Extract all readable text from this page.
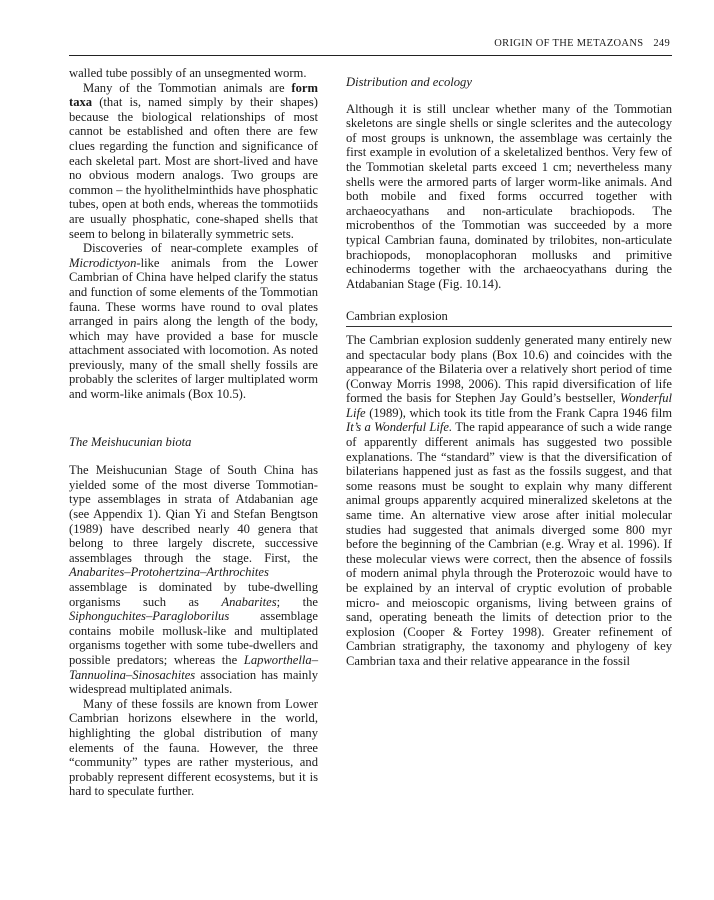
ORIGIN OF THE METAZOANS 249

walled tube possibly of an unsegmented worm.

Many of the Tommotian animals are form taxa (that is, named simply by their shapes) because the biological relationships of most cannot be established and often there are few clues regarding the function and significance of each skeletal part. Most are short-lived and have no obvious modern analogs. Two groups are common – the hyolithelminthids have phosphatic tubes, open at both ends, whereas the tommotiids are usually phosphatic, cone-shaped shells that seem to belong in bilaterally symmetric sets.

Discoveries of near-complete examples of Microdictyon-like animals from the Lower Cambrian of China have helped clarify the status and function of some elements of the Tommotian fauna. These worms have round to oval plates arranged in pairs along the length of the body, which may have provided a base for muscle attachment associated with locomotion. As noted previously, many of the small shelly fossils are probably the sclerites of larger multiplated worm and worm-like animals (Box 10.5).

The Meishucunian biota

The Meishucunian Stage of South China has yielded some of the most diverse Tommotian-type assemblages in strata of Atdabanian age (see Appendix 1). Qian Yi and Stefan Bengtson (1989) have described nearly 40 genera that belong to three largely discrete, successive assemblages through the stage. First, the Anabarites–Protohertzina–Arthrochites assemblage is dominated by tube-dwelling organisms such as Anabarites; the Siphonguchites–Paragloborilus assemblage contains mobile mollusk-like and multiplated organisms together with some tube-dwellers and possible predators; whereas the Lapworthella–Tannuolina–Sinosachites association has mainly widespread multiplated animals.

Many of these fossils are known from Lower Cambrian horizons elsewhere in the world, highlighting the global distribution of many elements of the fauna. However, the three “community” types are rather mysterious, and probably represent different ecosystems, but it is hard to speculate further.

Distribution and ecology

Although it is still unclear whether many of the Tommotian skeletons are single shells or single sclerites and the autecology of most groups is unknown, the assemblage was certainly the first example in evolution of a skeletalized benthos. Very few of the Tommotian skeletal parts exceed 1 cm; nevertheless many shells were the armored parts of larger worm-like animals. And both mobile and fixed forms occurred together with archaeocyathans and non-articulate brachiopods. The microbenthos of the Tommotian was succeeded by a more typical Cambrian fauna, dominated by trilobites, non-articulate brachiopods, monoplacophoran mollusks and primitive echinoderms together with the archaeocyathans during the Atdabanian Stage (Fig. 10.14).

Cambrian explosion

The Cambrian explosion suddenly generated many entirely new and spectacular body plans (Box 10.6) and coincides with the appearance of the Bilateria over a relatively short period of time (Conway Morris 1998, 2006). This rapid diversification of life formed the basis for Stephen Jay Gould’s bestseller, Wonderful Life (1989), which took its title from the Frank Capra 1946 film It’s a Wonderful Life. The rapid appearance of such a wide range of apparently different animals has suggested two possible explanations. The “standard” view is that the diversification of bilaterians happened just as fast as the fossils suggest, and that some reasons must be sought to explain why many different animal groups apparently acquired mineralized skeletons at the same time. An alternative view arose after initial molecular studies had suggested that animals diverged some 800 myr before the beginning of the Cambrian (e.g. Wray et al. 1996). If these molecular views were correct, then the absence of fossils of modern animal phyla through the Proterozoic would have to be explained by an interval of cryptic evolution of probable micro- and meioscopic organisms, living between grains of sand, operating beneath the limits of detection prior to the explosion (Cooper & Fortey 1998). Greater refinement of Cambrian stratigraphy, the taxonomy and phylogeny of key Cambrian taxa and their relative appearance in the fossil
